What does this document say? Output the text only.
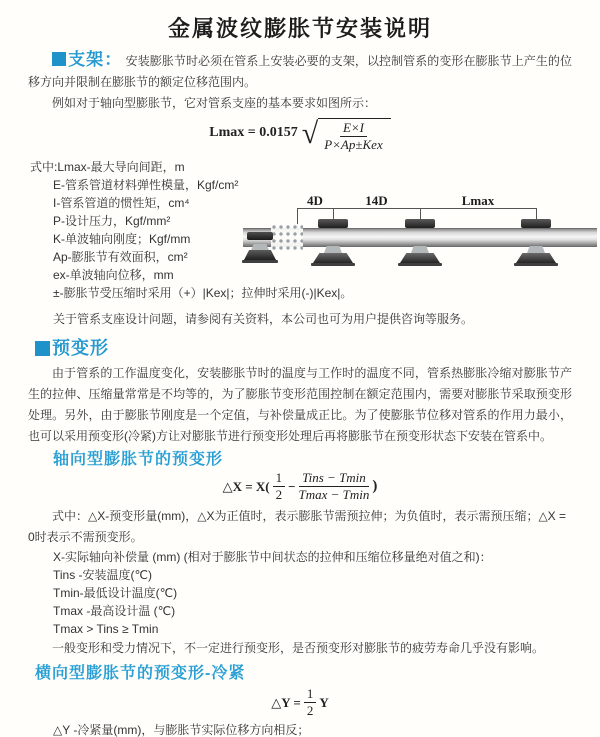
金属波纹膨胀节安装说明

支架： 安装膨胀节时必须在管系上安装必要的支架，以控制管系的变形在膨胀节上产生的位移方向并限制在膨胀节的额定位移范围内。

例如对于轴向型膨胀节，它对管系支座的基本要求如图所示：

Lmax = 0.0157 √ $\frac{E\times I}{\text{P×Ap±Kex}}$
式中:Lmax-最大导向间距，m
E-管系管道材料弹性模量，Kgf/cm²
I-管系管道的惯性矩，cm⁴
P-设计压力，Kgf/mm²
K-单波轴向刚度；Kgf/mm
Ap-膨胀节有效面积，cm²
ex-单波轴向位移，mm
±-膨胀节受压缩时采用（+）|Kex|；拉伸时采用(-)|Kex|。
关于管系支座设计问题，请参阅有关资料，本公司也可为用户提供咨询等服务。
4D	14D	Lmax
预变形

由于管系的工作温度变化，安装膨胀节时的温度与工作时的温度不同，管系热膨胀冷缩对膨胀节产生的拉伸、压缩量常常是不均等的，为了膨胀节变形范围控制在额定范围内，需要对膨胀节采取预变形处理。另外，由于膨胀节刚度是一个定值，与补偿量成正比。为了使膨胀节位移对管系的作用力最小，也可以采用预变形(冷紧)方让对膨胀节进行预变形处理后再将膨胀节在预变形状态下安装在管系中。

轴向型膨胀节的预变形
△X = $X( \frac{1}{2} - \frac{\text{Tins − Tmin}}{Tmax - Tmin}$ )

式中：△X-预变形量(mm)，△X为正值时，表示膨胀节需预拉伸；为负值时，表示需预压缩；△X = 0时表示不需预变形。

X-实际轴向补偿量 (mm) (相对于膨胀节中间状态的拉伸和压缩位移量绝对值之和)：
Tins -安装温度(℃)
Tmin-最低设计温度(℃)
Tmax -最高设计温 (℃)
Tmax > Tins ≥ Tmin

一般变形和受力情况下，不一定进行预变形，是否预变形对膨胀节的疲劳寿命几乎没有影响。

横向型膨胀节的预变形-冷紧
△Y = $\frac{1}{2}$ Y
△Y -冷紧量(mm)，与膨胀节实际位移方向相反；
